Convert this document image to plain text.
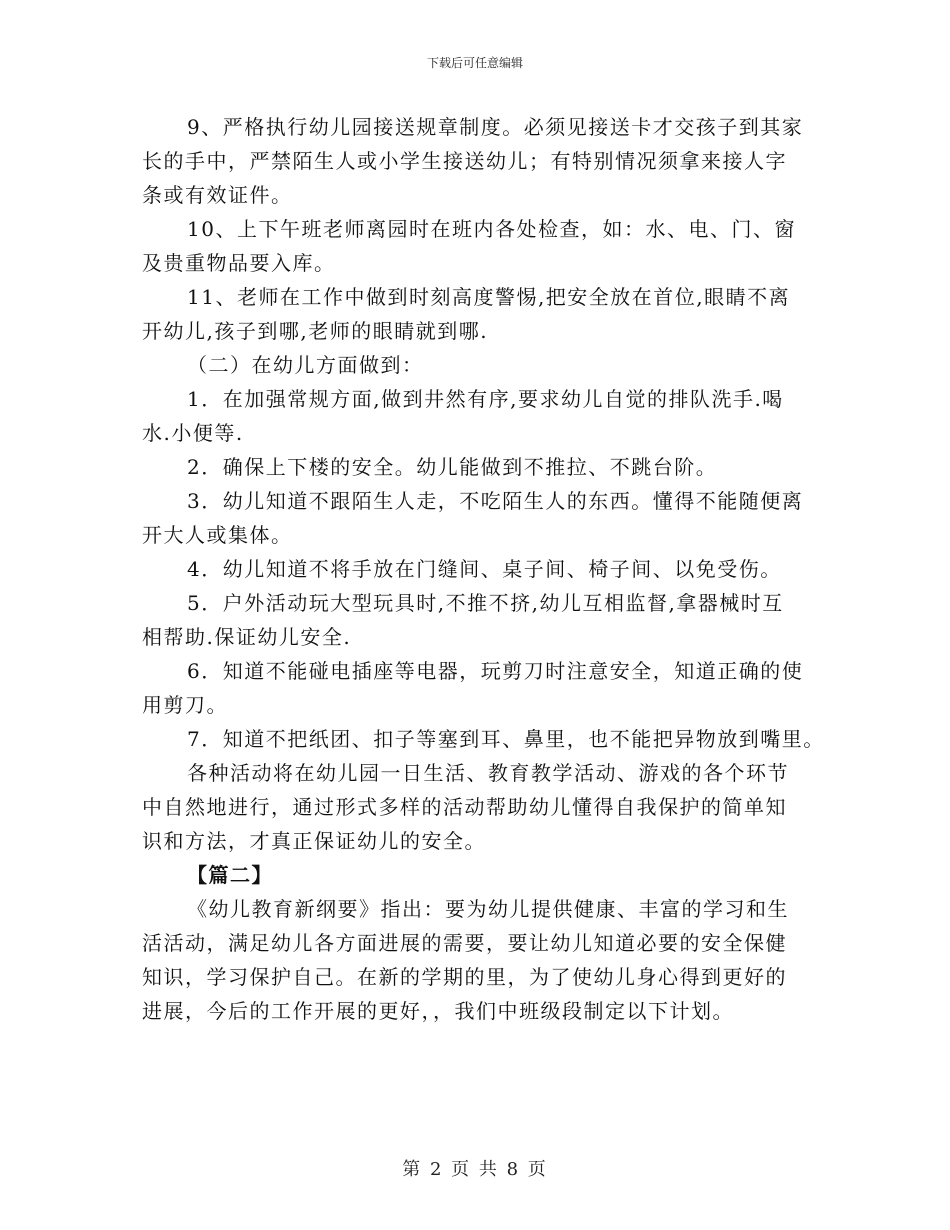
下载后可任意编辑
9、严格执行幼儿园接送规章制度。必须见接送卡才交孩子到其家
长的手中，严禁陌生人或小学生接送幼儿；有特别情况须拿来接人字
条或有效证件。
10、上下午班老师离园时在班内各处检查，如：水、电、门、窗
及贵重物品要入库。
11、老师在工作中做到时刻高度警惕,把安全放在首位,眼睛不离
开幼儿,孩子到哪,老师的眼睛就到哪.
（二）在幼儿方面做到：
1．在加强常规方面,做到井然有序,要求幼儿自觉的排队洗手.喝
水.小便等.
2．确保上下楼的安全。幼儿能做到不推拉、不跳台阶。
3．幼儿知道不跟陌生人走，不吃陌生人的东西。懂得不能随便离
开大人或集体。
4．幼儿知道不将手放在门缝间、桌子间、椅子间、以免受伤。
5．户外活动玩大型玩具时,不推不挤,幼儿互相监督,拿器械时互
相帮助.保证幼儿安全.
6．知道不能碰电插座等电器，玩剪刀时注意安全，知道正确的使
用剪刀。
7．知道不把纸团、扣子等塞到耳、鼻里，也不能把异物放到嘴里。
各种活动将在幼儿园一日生活、教育教学活动、游戏的各个环节
中自然地进行，通过形式多样的活动帮助幼儿懂得自我保护的简单知
识和方法，才真正保证幼儿的安全。
【篇二】
《幼儿教育新纲要》指出：要为幼儿提供健康、丰富的学习和生
活活动，满足幼儿各方面进展的需要，要让幼儿知道必要的安全保健
知识，学习保护自己。在新的学期的里，为了使幼儿身心得到更好的
进展，今后的工作开展的更好，，我们中班级段制定以下计划。
第 2 页 共 8 页
